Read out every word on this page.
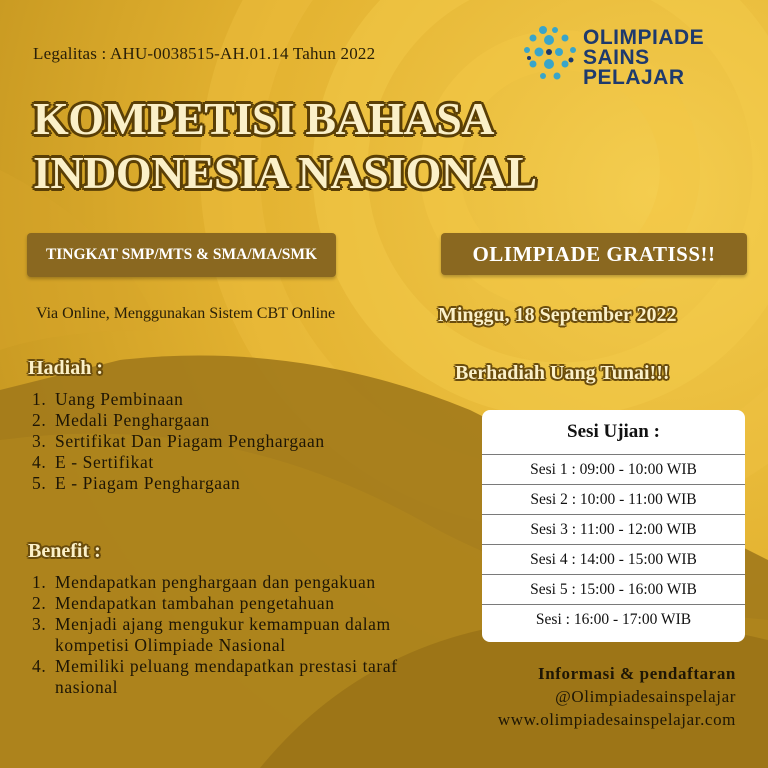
Legalitas : AHU-0038515-AH.01.14 Tahun 2022
OLIMPIADE
SAINS PELAJAR
KOMPETISI BAHASA
INDONESIA NASIONAL
TINGKAT SMP/MTS & SMA/MA/SMK	OLIMPIADE GRATISS!!
Via Online, Menggunakan Sistem CBT Online	Minggu, 18 September 2022
Berhadiah Uang Tunai!!!
Hadiah :
1. Uang Pembinaan
2. Medali Penghargaan
3. Sertifikat Dan Piagam Penghargaan
4. E - Sertifikat
5. E - Piagam Penghargaan
Benefit :
1. Mendapatkan penghargaan dan pengakuan
2. Mendapatkan tambahan pengetahuan
3. Menjadi ajang mengukur kemampuan dalam kompetisi Olimpiade Nasional
4. Memiliki peluang mendapatkan prestasi taraf nasional
Sesi Ujian :
Sesi 1 : 09:00 - 10:00 WIB
Sesi 2 : 10:00 - 11:00 WIB
Sesi 3 : 11:00 - 12:00 WIB
Sesi 4 : 14:00 - 15:00 WIB
Sesi 5 : 15:00 - 16:00 WIB
Sesi : 16:00 - 17:00 WIB
Informasi & pendaftaran
@Olimpiadesainspelajar
www.olimpiadesainspelajar.com
